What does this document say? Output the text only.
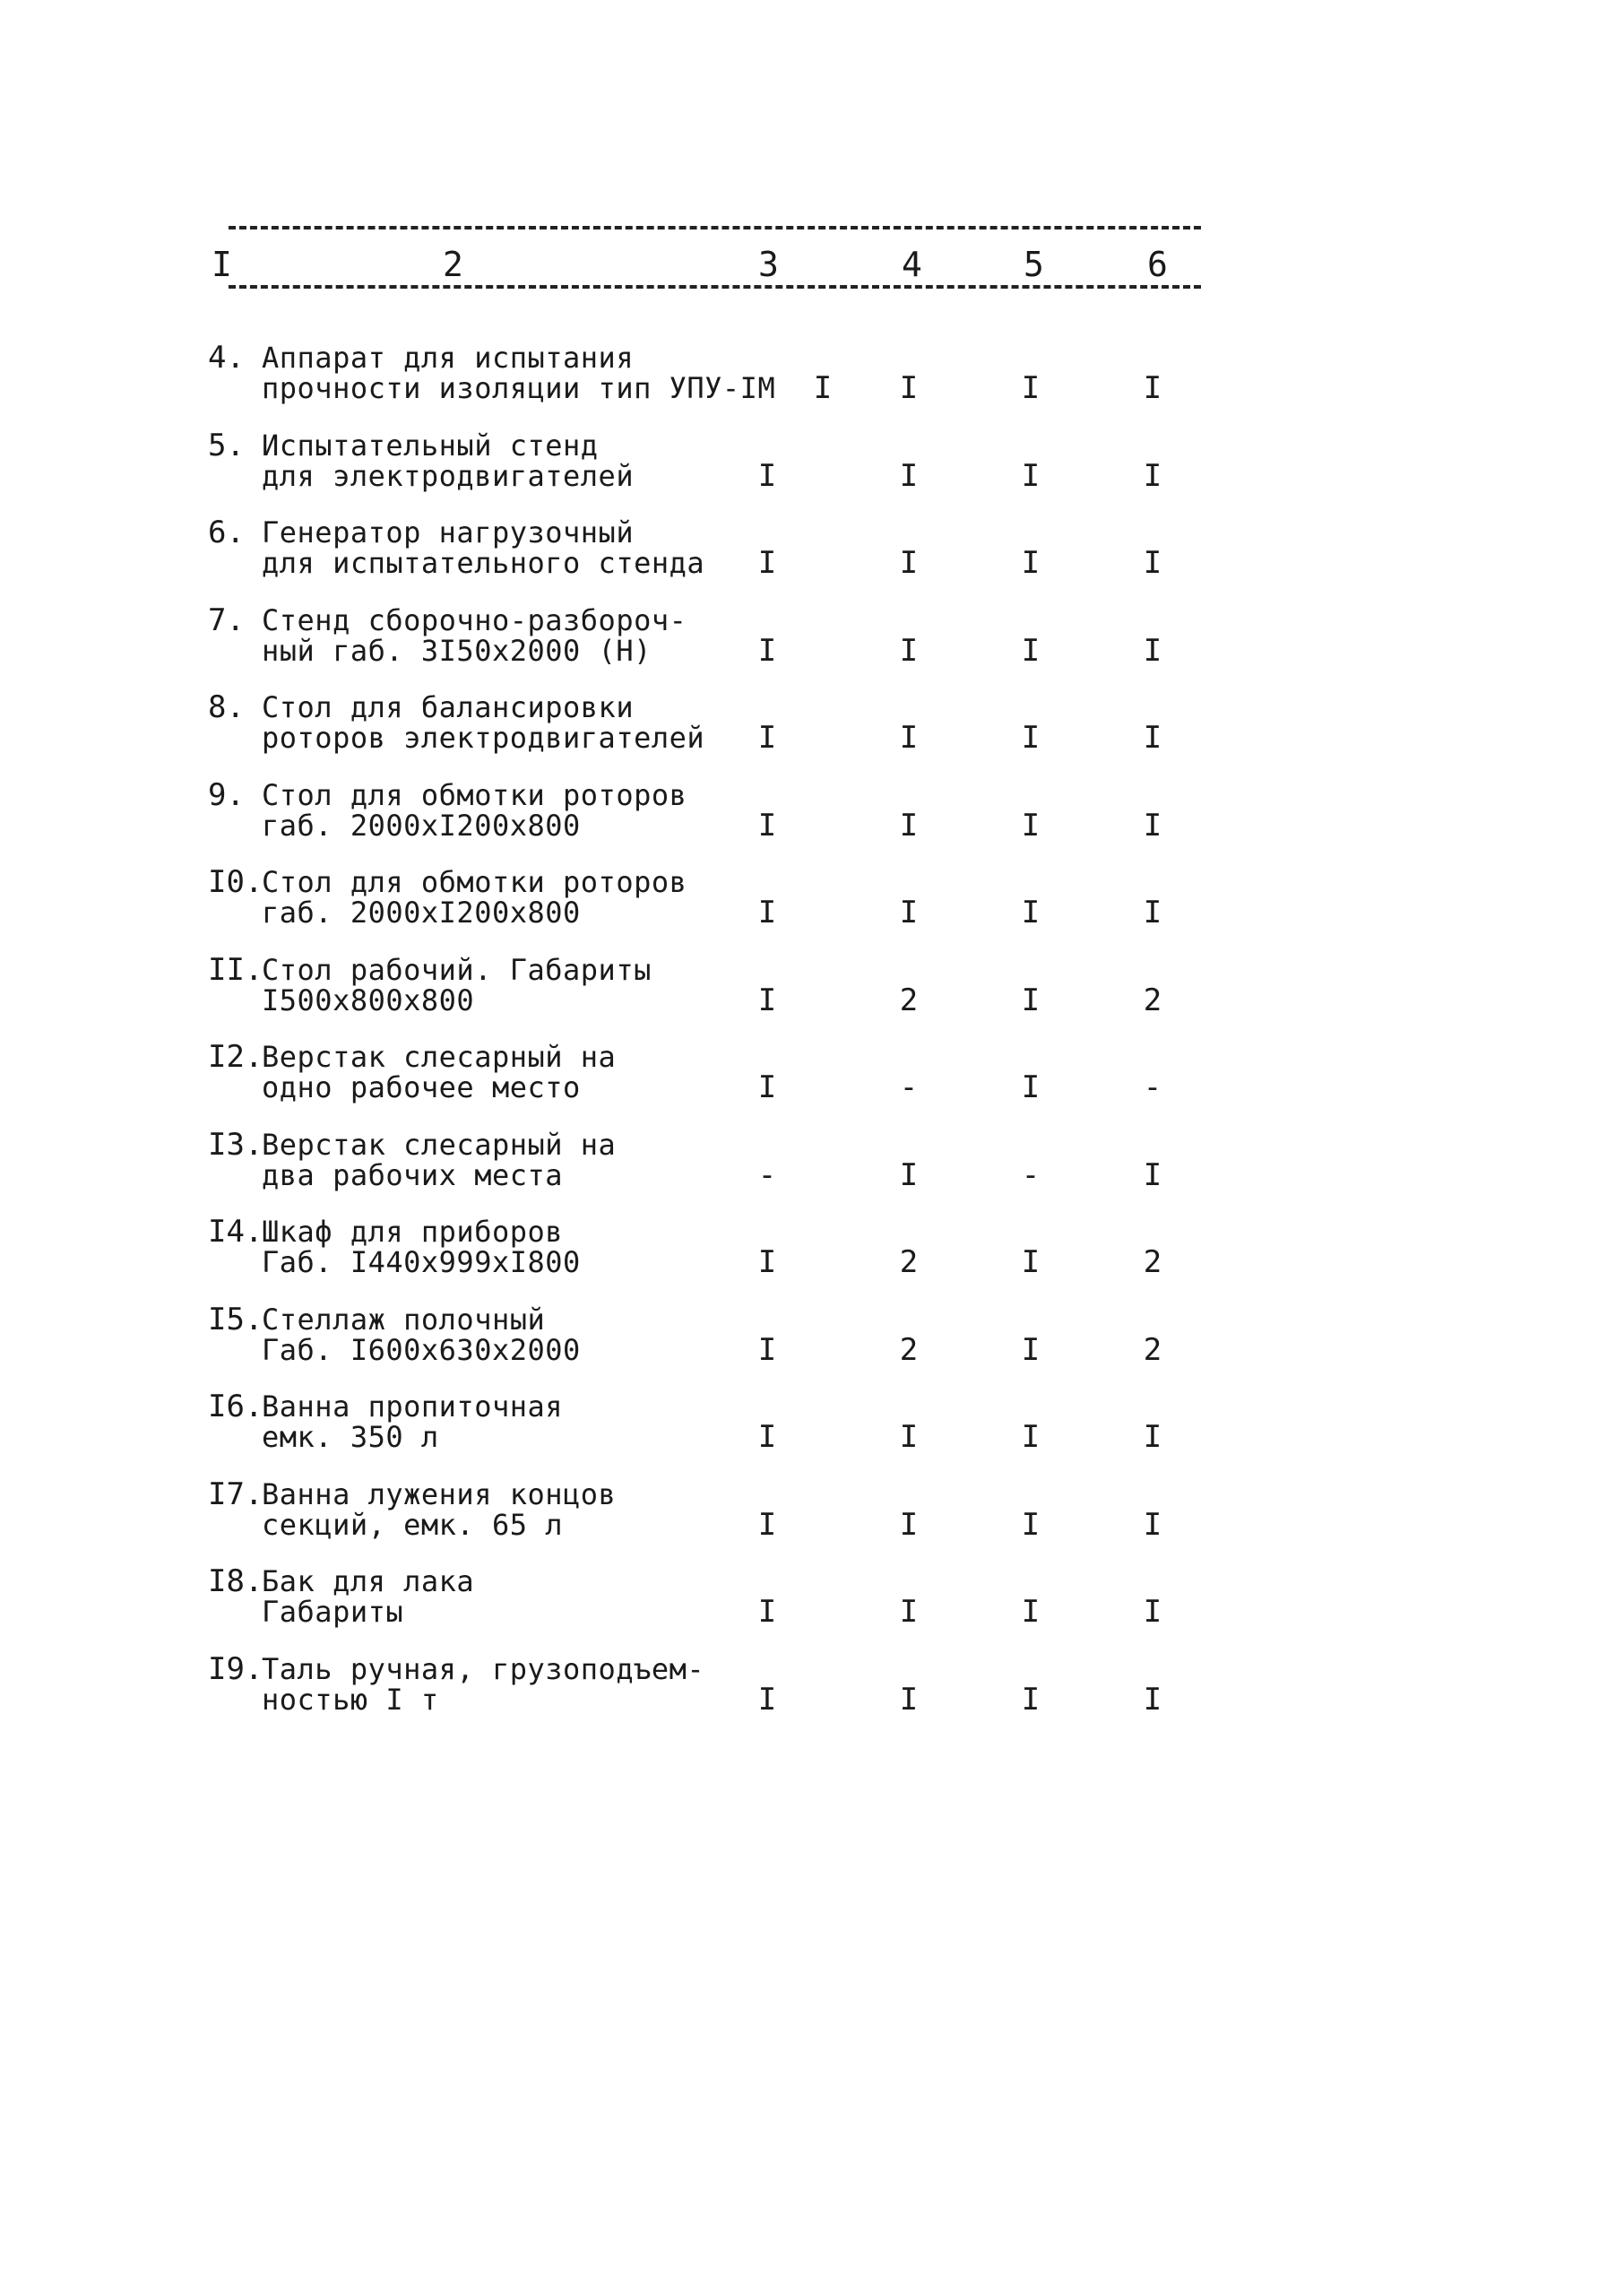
I	2	3	4	5	6
4. Аппарат для испытания
прочности изоляции тип УПУ-IM	I	I	I	I
5. Испытательный стенд
для электродвигателей	I	I	I	I
6. Генератор нагрузочный
для испытательного стенда	I	I	I	I
7. Стенд сборочно-разбороч-
ный габ. 3I50x2000 (H)	I	I	I	I
8. Стол для балансировки
роторов электродвигателей	I	I	I	I
9. Стол для обмотки роторов
габ. 2000xI200x800	I	I	I	I
I0.
Стол для обмотки роторов
габ. 2000xI200x800	I	I	I	I
II.
Стол рабочий. Габариты
I500x800x800	I	2	I	2
I2.
Верстак слесарный на
одно рабочее место	I	-	I	-
I3.
Верстак слесарный на
два рабочих места	-	I	-	I
I4.
Шкаф для приборов
Габ. I440x999xI800	I	2	I	2
I5.
Стеллаж полочный
Габ. I600x630x2000	I	2	I	2
I6.
Ванна пропиточная
емк. 350 л	I	I	I	I
I7.
Ванна лужения концов
секций, емк. 65 л	I	I	I	I
I8.
Бак для лака
Габариты	I	I	I	I
I9.
Таль ручная, грузоподъем-
ностью I т	I	I	I	I
